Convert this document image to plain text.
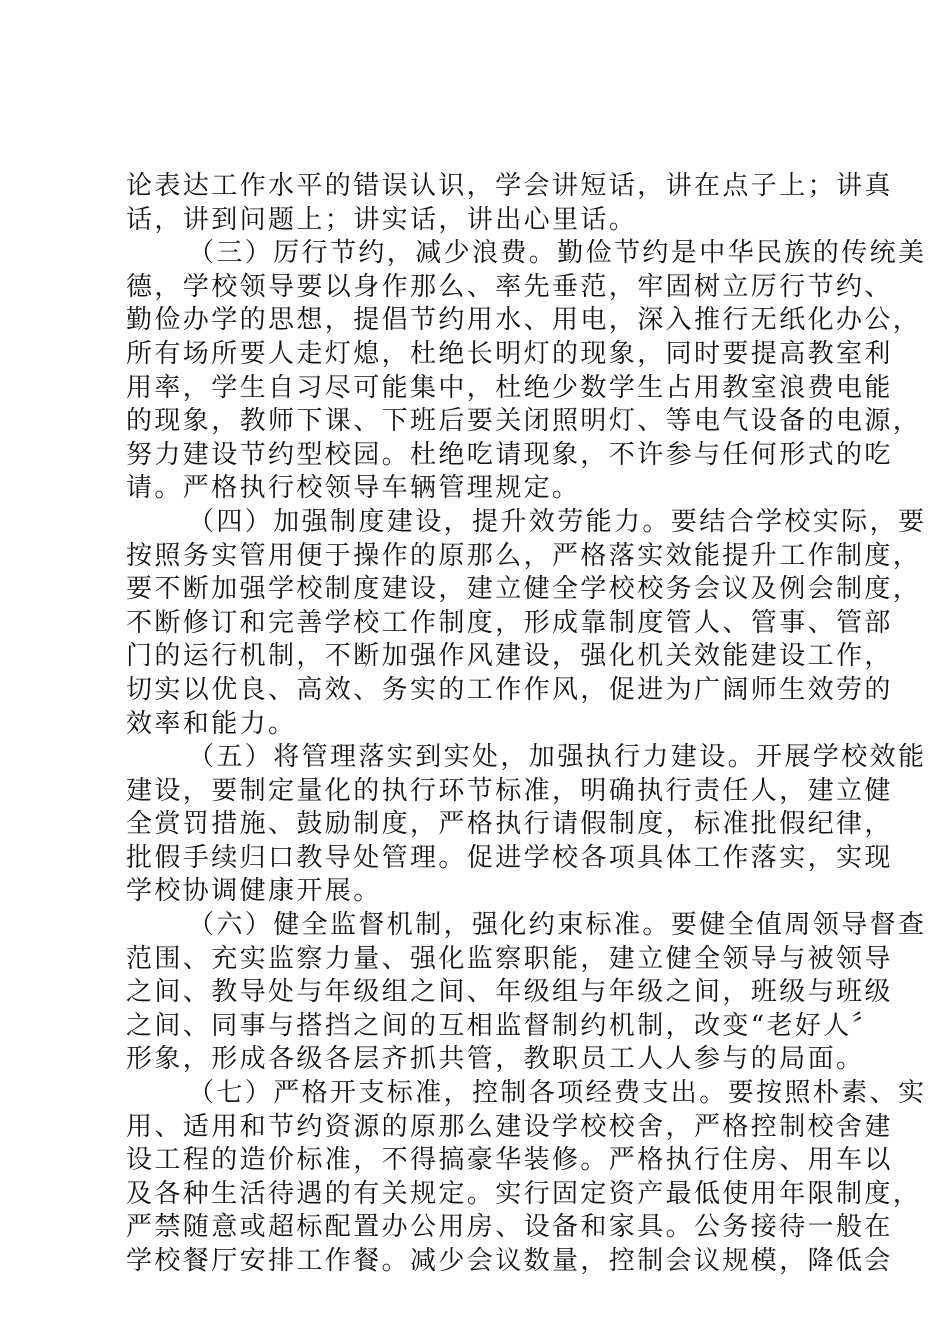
论表达工作水平的错误认识，学会讲短话，讲在点子上；讲真
话，讲到问题上；讲实话，讲出心里话。
（三）厉行节约，减少浪费。勤俭节约是中华民族的传统美
德，学校领导要以身作那么、率先垂范，牢固树立厉行节约、
勤俭办学的思想，提倡节约用水、用电，深入推行无纸化办公，
所有场所要人走灯熄，杜绝长明灯的现象，同时要提高教室利
用率，学生自习尽可能集中，杜绝少数学生占用教室浪费电能
的现象，教师下课、下班后要关闭照明灯、等电气设备的电源，
努力建设节约型校园。杜绝吃请现象，不许参与任何形式的吃
请。严格执行校领导车辆管理规定。
（四）加强制度建设，提升效劳能力。要结合学校实际，要
按照务实管用便于操作的原那么，严格落实效能提升工作制度，
要不断加强学校制度建设，建立健全学校校务会议及例会制度，
不断修订和完善学校工作制度，形成靠制度管人、管事、管部
门的运行机制，不断加强作风建设，强化机关效能建设工作，
切实以优良、高效、务实的工作作风，促进为广阔师生效劳的
效率和能力。
（五）将管理落实到实处，加强执行力建设。开展学校效能
建设，要制定量化的执行环节标准，明确执行责任人，建立健
全赏罚措施、鼓励制度，严格执行请假制度，标准批假纪律，
批假手续归口教导处管理。促进学校各项具体工作落实，实现
学校协调健康开展。
（六）健全监督机制，强化约束标准。要健全值周领导督查
范围、充实监察力量、强化监察职能，建立健全领导与被领导
之间、教导处与年级组之间、年级组与年级之间，班级与班级
之间、同事与搭挡之间的互相监督制约机制，改变“老好人〞
形象，形成各级各层齐抓共管，教职员工人人参与的局面。
（七）严格开支标准，控制各项经费支出。要按照朴素、实
用、适用和节约资源的原那么建设学校校舍，严格控制校舍建
设工程的造价标准，不得搞豪华装修。严格执行住房、用车以
及各种生活待遇的有关规定。实行固定资产最低使用年限制度，
严禁随意或超标配置办公用房、设备和家具。公务接待一般在
学校餐厅安排工作餐。减少会议数量，控制会议规模，降低会
